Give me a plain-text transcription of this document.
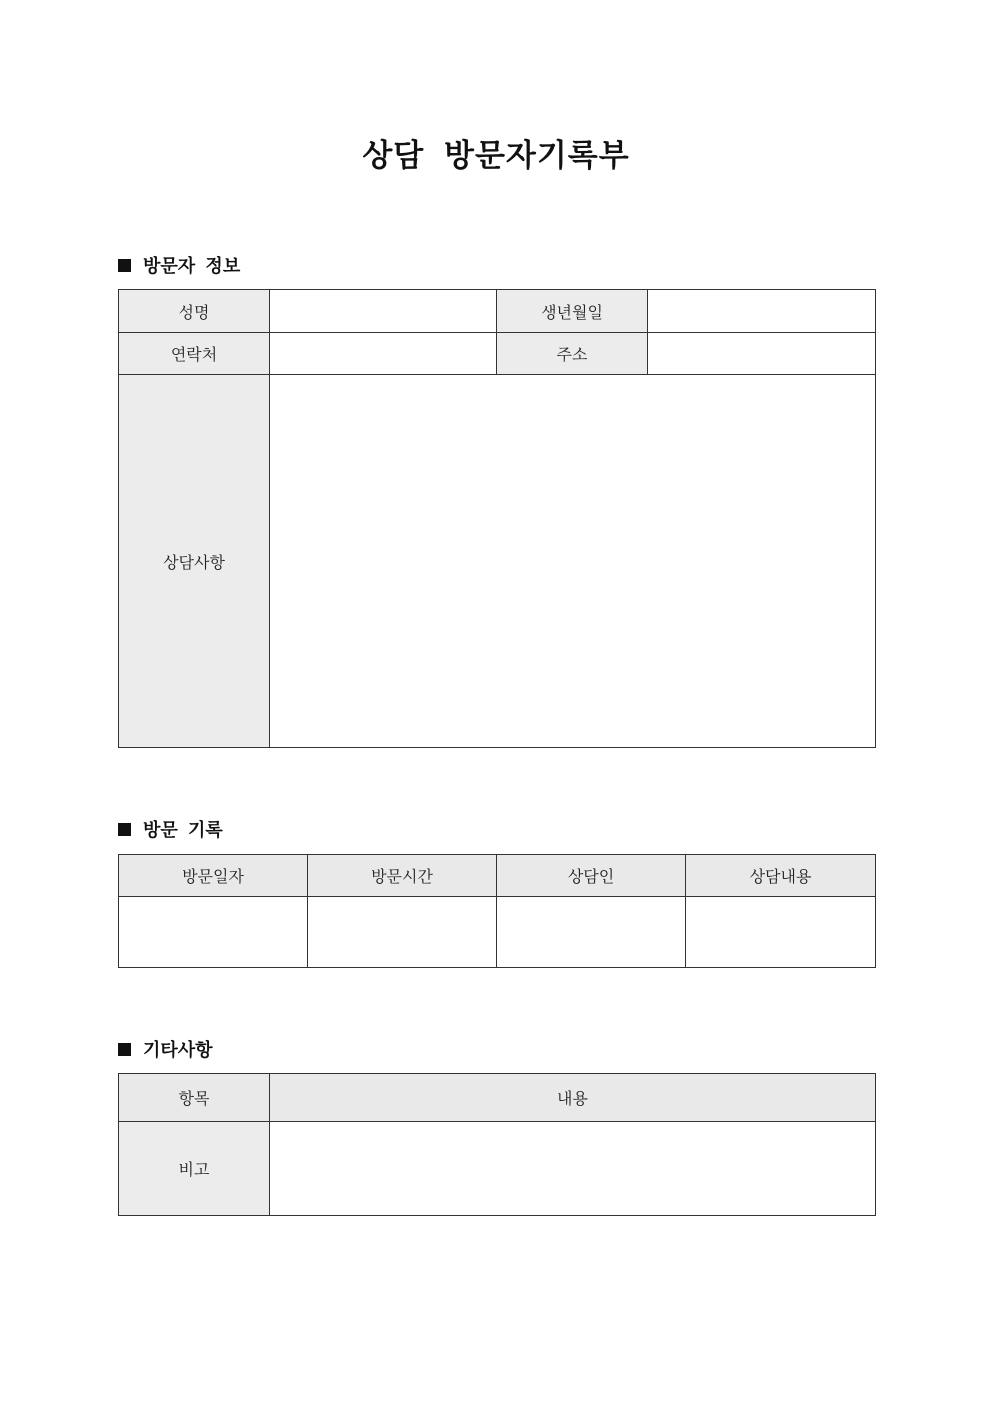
상담 방문자기록부
방문자 정보
성명		생년월일	
연락처		주소	
상담사항			
방문 기록
방문일자	방문시간	상담인	상담내용

기타사항
항목	내용
비고	
